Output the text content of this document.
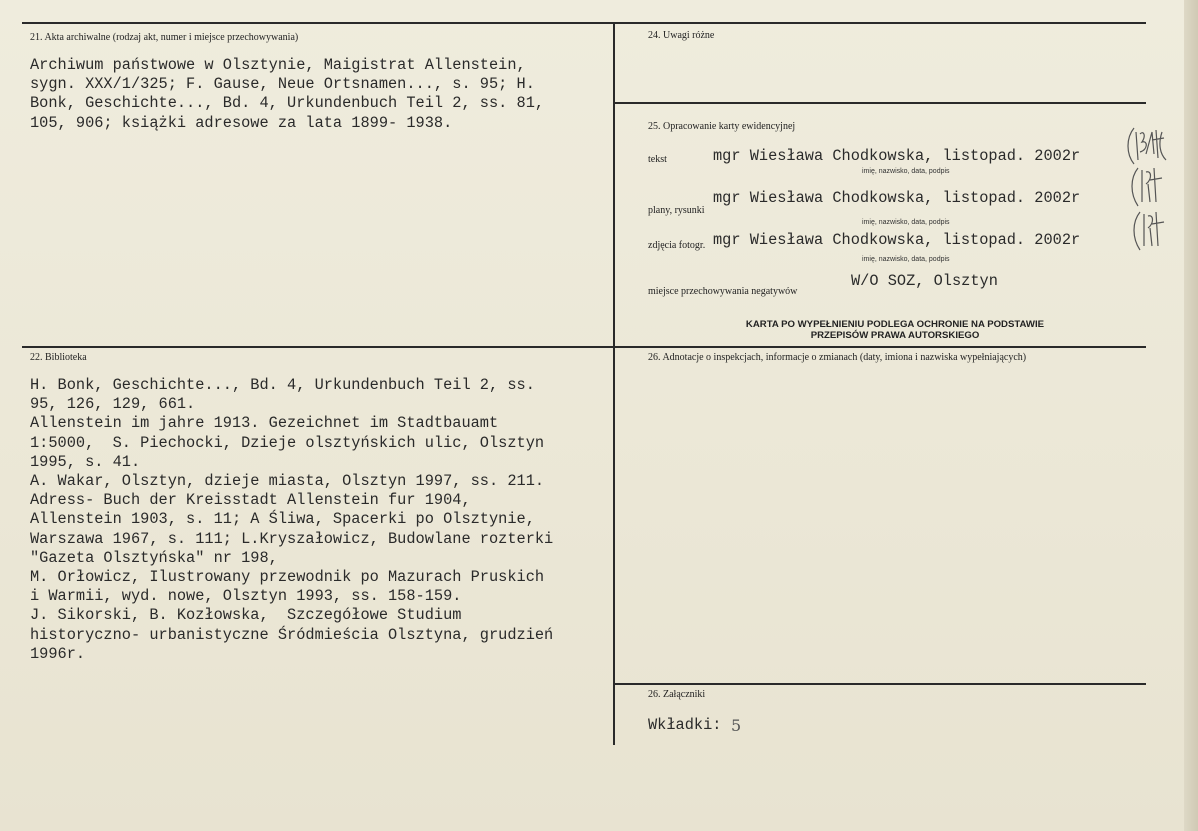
21. Akta archiwalne (rodzaj akt, numer i miejsce przechowywania)
Archiwum państwowe w Olsztynie, Maigistrat Allenstein,
sygn. XXX/1/325; F. Gause, Neue Ortsnamen..., s. 95; H.
Bonk, Geschichte..., Bd. 4, Urkundenbuch Teil 2, ss. 81,
105, 906; książki adresowe za lata 1899- 1938.
24. Uwagi różne
25. Opracowanie karty ewidencyjnej
tekst	mgr Wiesława Chodkowska, listopad. 2002r
imię, nazwisko, data, podpis
plany, rysunki
mgr Wiesława Chodkowska, listopad. 2002r
imię, nazwisko, data, podpis
zdjęcia fotogr. mgr Wiesława Chodkowska, listopad. 2002r
imię, nazwisko, data, podpis
miejsce przechowywania negatywów
W/O SOZ, Olsztyn
KARTA PO WYPEŁNIENIU PODLEGA OCHRONIE NA PODSTAWIE
PRZEPISÓW PRAWA AUTORSKIEGO
22. Biblioteka
H. Bonk, Geschichte..., Bd. 4, Urkundenbuch Teil 2, ss.
95, 126, 129, 661.
Allenstein im jahre 1913. Gezeichnet im Stadtbauamt
1:5000,  S. Piechocki, Dzieje olsztyńskich ulic, Olsztyn
1995, s. 41.
A. Wakar, Olsztyn, dzieje miasta, Olsztyn 1997, ss. 211.
Adress- Buch der Kreisstadt Allenstein fur 1904,
Allenstein 1903, s. 11; A Śliwa, Spacerki po Olsztynie,
Warszawa 1967, s. 111; L.Kryszałowicz, Budowlane rozterki
"Gazeta Olsztyńska" nr 198,
M. Orłowicz, Ilustrowany przewodnik po Mazurach Pruskich
i Warmii, wyd. nowe, Olsztyn 1993, ss. 158-159.
J. Sikorski, B. Kozłowska,  Szczegółowe Studium
historyczno- urbanistyczne Śródmieścia Olsztyna, grudzień
1996r.
26. Adnotacje o inspekcjach, informacje o zmianach (daty, imiona i nazwiska wypełniających)
26. Załączniki
Wkładki: 5
